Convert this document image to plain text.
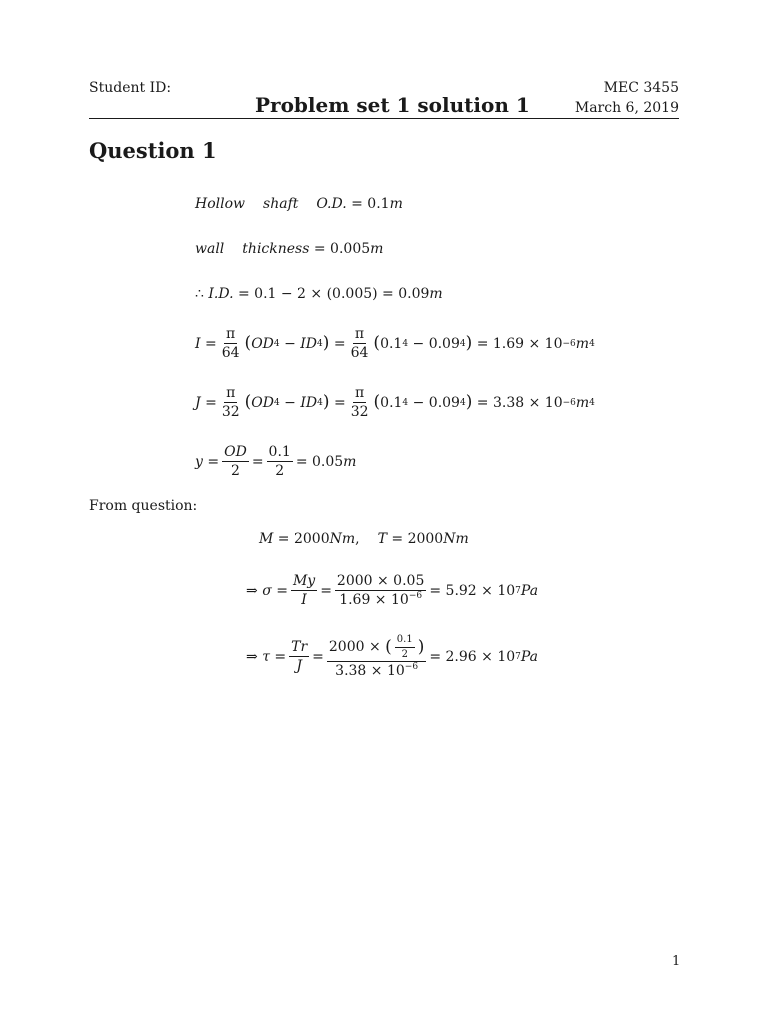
Student ID:	MEC 3455
Problem set 1 solution 1	March 6, 2019
Question 1
Hollow shaft O.D.
= 0.1 m
wall thickness
= 0.005 m
∴
I.D.
= 0.1 − 2 × (0.005) = 0.09 m
I
= $\frac{\pi}{64}$ ( OD 4
−
ID 4 )
= $\frac{\pi}{64}$ ( 0.1 4
−
0.09 4 )
= 1.69 × 10 −6 m 4
J
= $\frac{\pi}{32}$ ( OD 4
−
ID 4 )
= $\frac{\pi}{32}$ ( 0.1 4
−
0.09 4 )
= 3.38 × 10 −6 m 4
y
= $\frac{OD}{2} = \frac{0.1}{2} = 0.05$ m
From question:
M
= 2000 Nm , T
= 2000 Nm
⇒
σ
= $\frac{My}{I} = \frac{2000 \times 0.05}{1.69 \times 10^{-6}} = 5.92 \times 10$ 7 Pa
⇒
τ
= $\frac{Tr}{J} = 2000$ ×
( $\frac{0.1}{2}$ )
$3.38 \times 10^{-6} = 2.96 \times 10$ 7 Pa
1
